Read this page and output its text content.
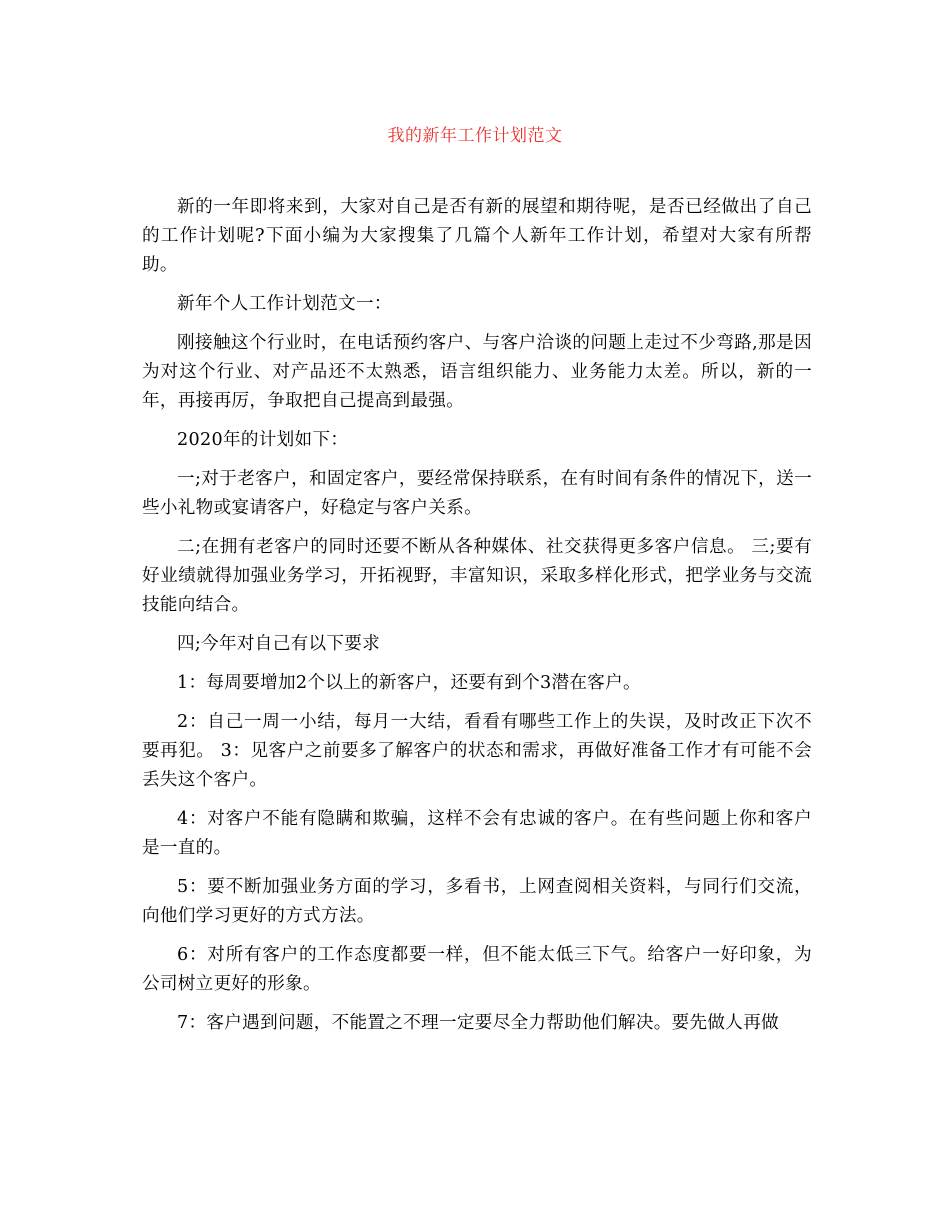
我的新年工作计划范文

新的一年即将来到，大家对自己是否有新的展望和期待呢，是否已经做出了自己的工作计划呢?下面小编为大家搜集了几篇个人新年工作计划，希望对大家有所帮助。

新年个人工作计划范文一：

刚接触这个行业时，在电话预约客户、与客户洽谈的问题上走过不少弯路,那是因为对这个行业、对产品还不太熟悉，语言组织能力、业务能力太差。所以，新的一年，再接再厉，争取把自己提高到最强。

2020年的计划如下：

一;对于老客户，和固定客户，要经常保持联系，在有时间有条件的情况下，送一些小礼物或宴请客户，好稳定与客户关系。

二;在拥有老客户的同时还要不断从各种媒体、社交获得更多客户信息。 三;要有好业绩就得加强业务学习，开拓视野，丰富知识，采取多样化形式，把学业务与交流技能向结合。

四;今年对自己有以下要求

1：每周要增加2个以上的新客户，还要有到个3潜在客户。

2：自己一周一小结，每月一大结，看看有哪些工作上的失误，及时改正下次不要再犯。 3：见客户之前要多了解客户的状态和需求，再做好准备工作才有可能不会丢失这个客户。

4：对客户不能有隐瞒和欺骗，这样不会有忠诚的客户。在有些问题上你和客户是一直的。

5：要不断加强业务方面的学习，多看书，上网查阅相关资料，与同行们交流，向他们学习更好的方式方法。

6：对所有客户的工作态度都要一样，但不能太低三下气。给客户一好印象，为公司树立更好的形象。

7：客户遇到问题，不能置之不理一定要尽全力帮助他们解决。要先做人再做
